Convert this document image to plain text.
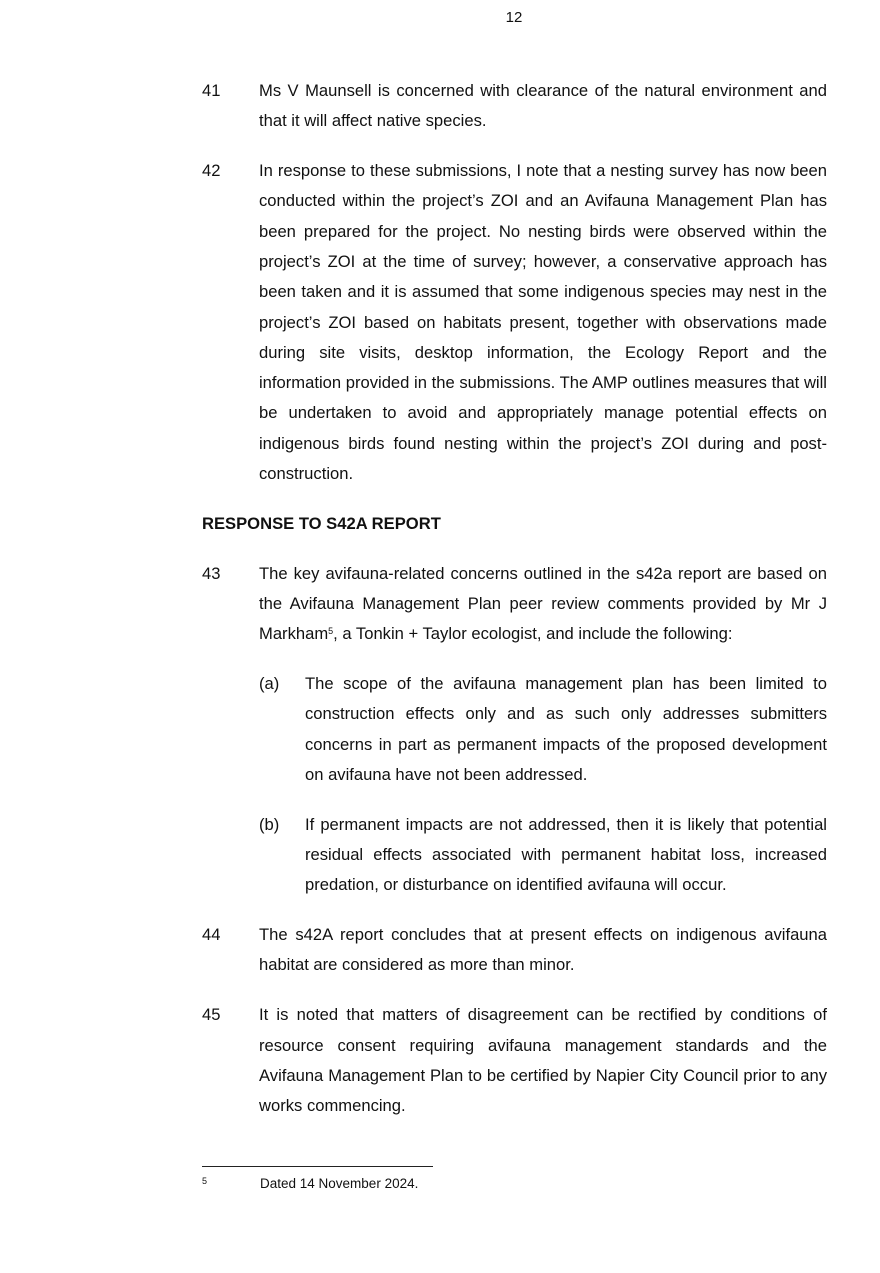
12
41	Ms V Maunsell is concerned with clearance of the natural environment and that it will affect native species.
42	In response to these submissions, I note that a nesting survey has now been conducted within the project’s ZOI and an Avifauna Management Plan has been prepared for the project. No nesting birds were observed within the project’s ZOI at the time of survey; however, a conservative approach has been taken and it is assumed that some indigenous species may nest in the project’s ZOI based on habitats present, together with observations made during site visits, desktop information, the Ecology Report and the information provided in the submissions. The AMP outlines measures that will be undertaken to avoid and appropriately manage potential effects on indigenous birds found nesting within the project’s ZOI during and post-construction.
RESPONSE TO S42A REPORT
43	The key avifauna-related concerns outlined in the s42a report are based on the Avifauna Management Plan peer review comments provided by Mr J Markham$^5$, a Tonkin + Taylor ecologist, and include the following:
(a)	The scope of the avifauna management plan has been limited to construction effects only and as such only addresses submitters concerns in part as permanent impacts of the proposed development on avifauna have not been addressed.
(b)	If permanent impacts are not addressed, then it is likely that potential residual effects associated with permanent habitat loss, increased predation, or disturbance on identified avifauna will occur.
44	The s42A report concludes that at present effects on indigenous avifauna habitat are considered as more than minor.
45	It is noted that matters of disagreement can be rectified by conditions of resource consent requiring avifauna management standards and the Avifauna Management Plan to be certified by Napier City Council prior to any works commencing.
5	Dated 14 November 2024.
